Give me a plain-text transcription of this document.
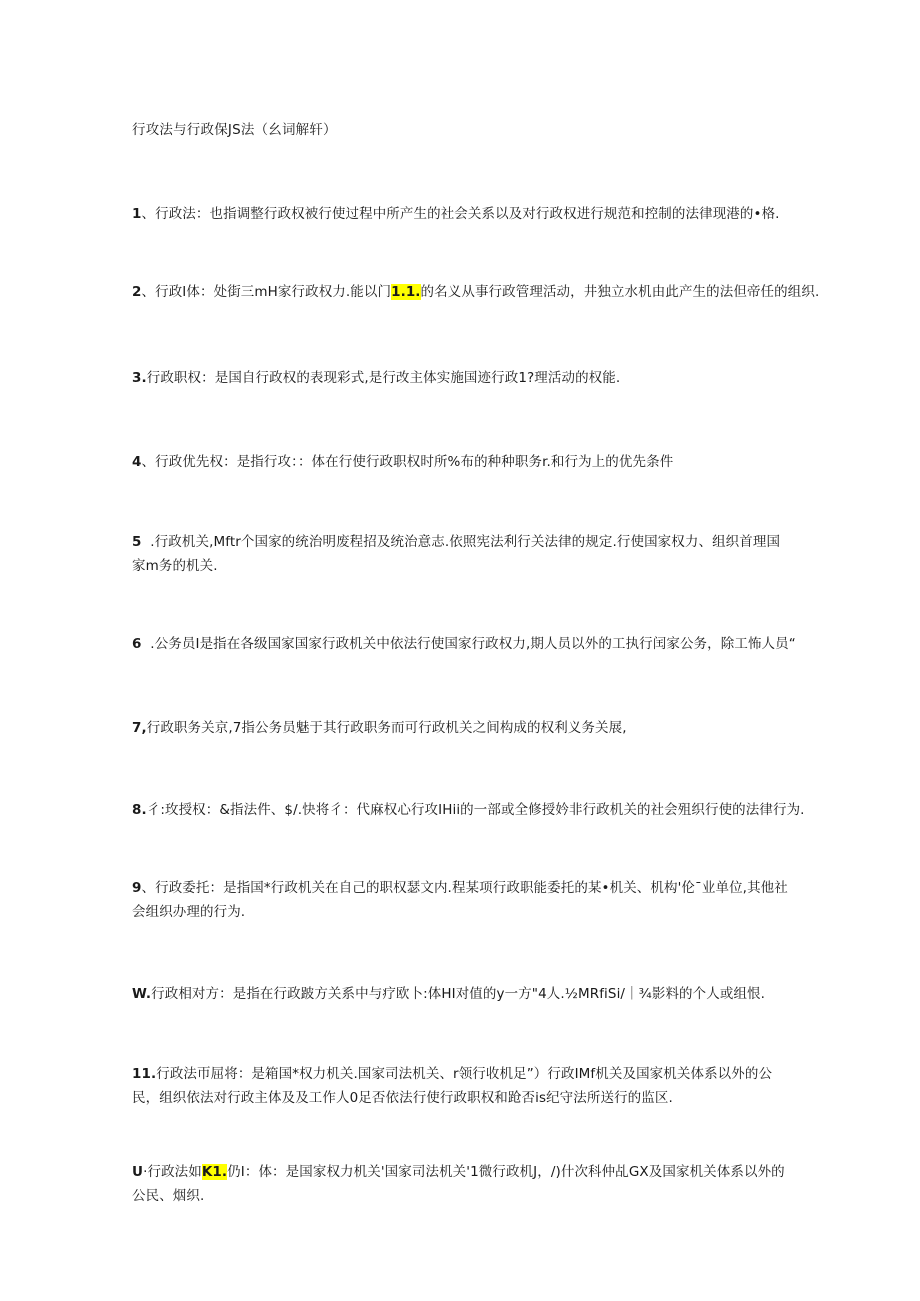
行攻法与行政保JS法（幺词解轩）
1、行政法：也指调整行政权被行使过程中所产生的社会关系以及对行政权进行规范和控制的法律现港的•格.
2、行政I体：处街三mH家行政权力.能以门1.1.的名义从事行政管理活动，井独立水机由此产生的法但帝任的组织.
3.行政职权：是国自行政权的表现彩式,是行改主体实施国迹行政1?理活动的权能.
4、行政优先权：是指行攻：：体在行使行政职权时所%布的种种职务r.和行为上的优先条件
5  .行政机关,Mftr个国家的统治明废程招及统治意志.依照宪法利行关法律的规定.行使国家权力、组织首理国家m务的机关.
6  .公务员I是指在各级国家国家行政机关中依法行使国家行政权力,期人员以外的工执行闰家公务，除工怖人员“
7,行政职务关京,7指公务员魅于其行政职务而可行政机关之间构成的权利义务关展,
8.彳:玫授权：&指法件、$/.快将彳：代麻权心行攻IHii的一部或全修授妗非行政机关的社会殂织行使的法律行为.
9、行政委托：是指国*行政机关在自己的职权瑟文内.程某项行政职能委托的某•机关、机构'伦¯业单位,其他社会组织办理的行为.
W.行政相对方：是指在行政跛方关系中与疗欧卜:体HI对值的y一方"4人.½MRfiSi/｜¾影料的个人或组恨.
11.行政法帀屈将：是箱国*权力机关.国家司法机关、r领行收机足”）行政IMf机关及国家机关体系以外的公民，组织依法对行政主体及及工作人0足否依法行使行政职权和跄否is纪守法所送行的监区.
U·行政法如K1.仍I：体：是国家权力机关'国家司法机关'1微行政机J，/)什次科仲乩GX及国家机关体系以外的公民、烟织.
